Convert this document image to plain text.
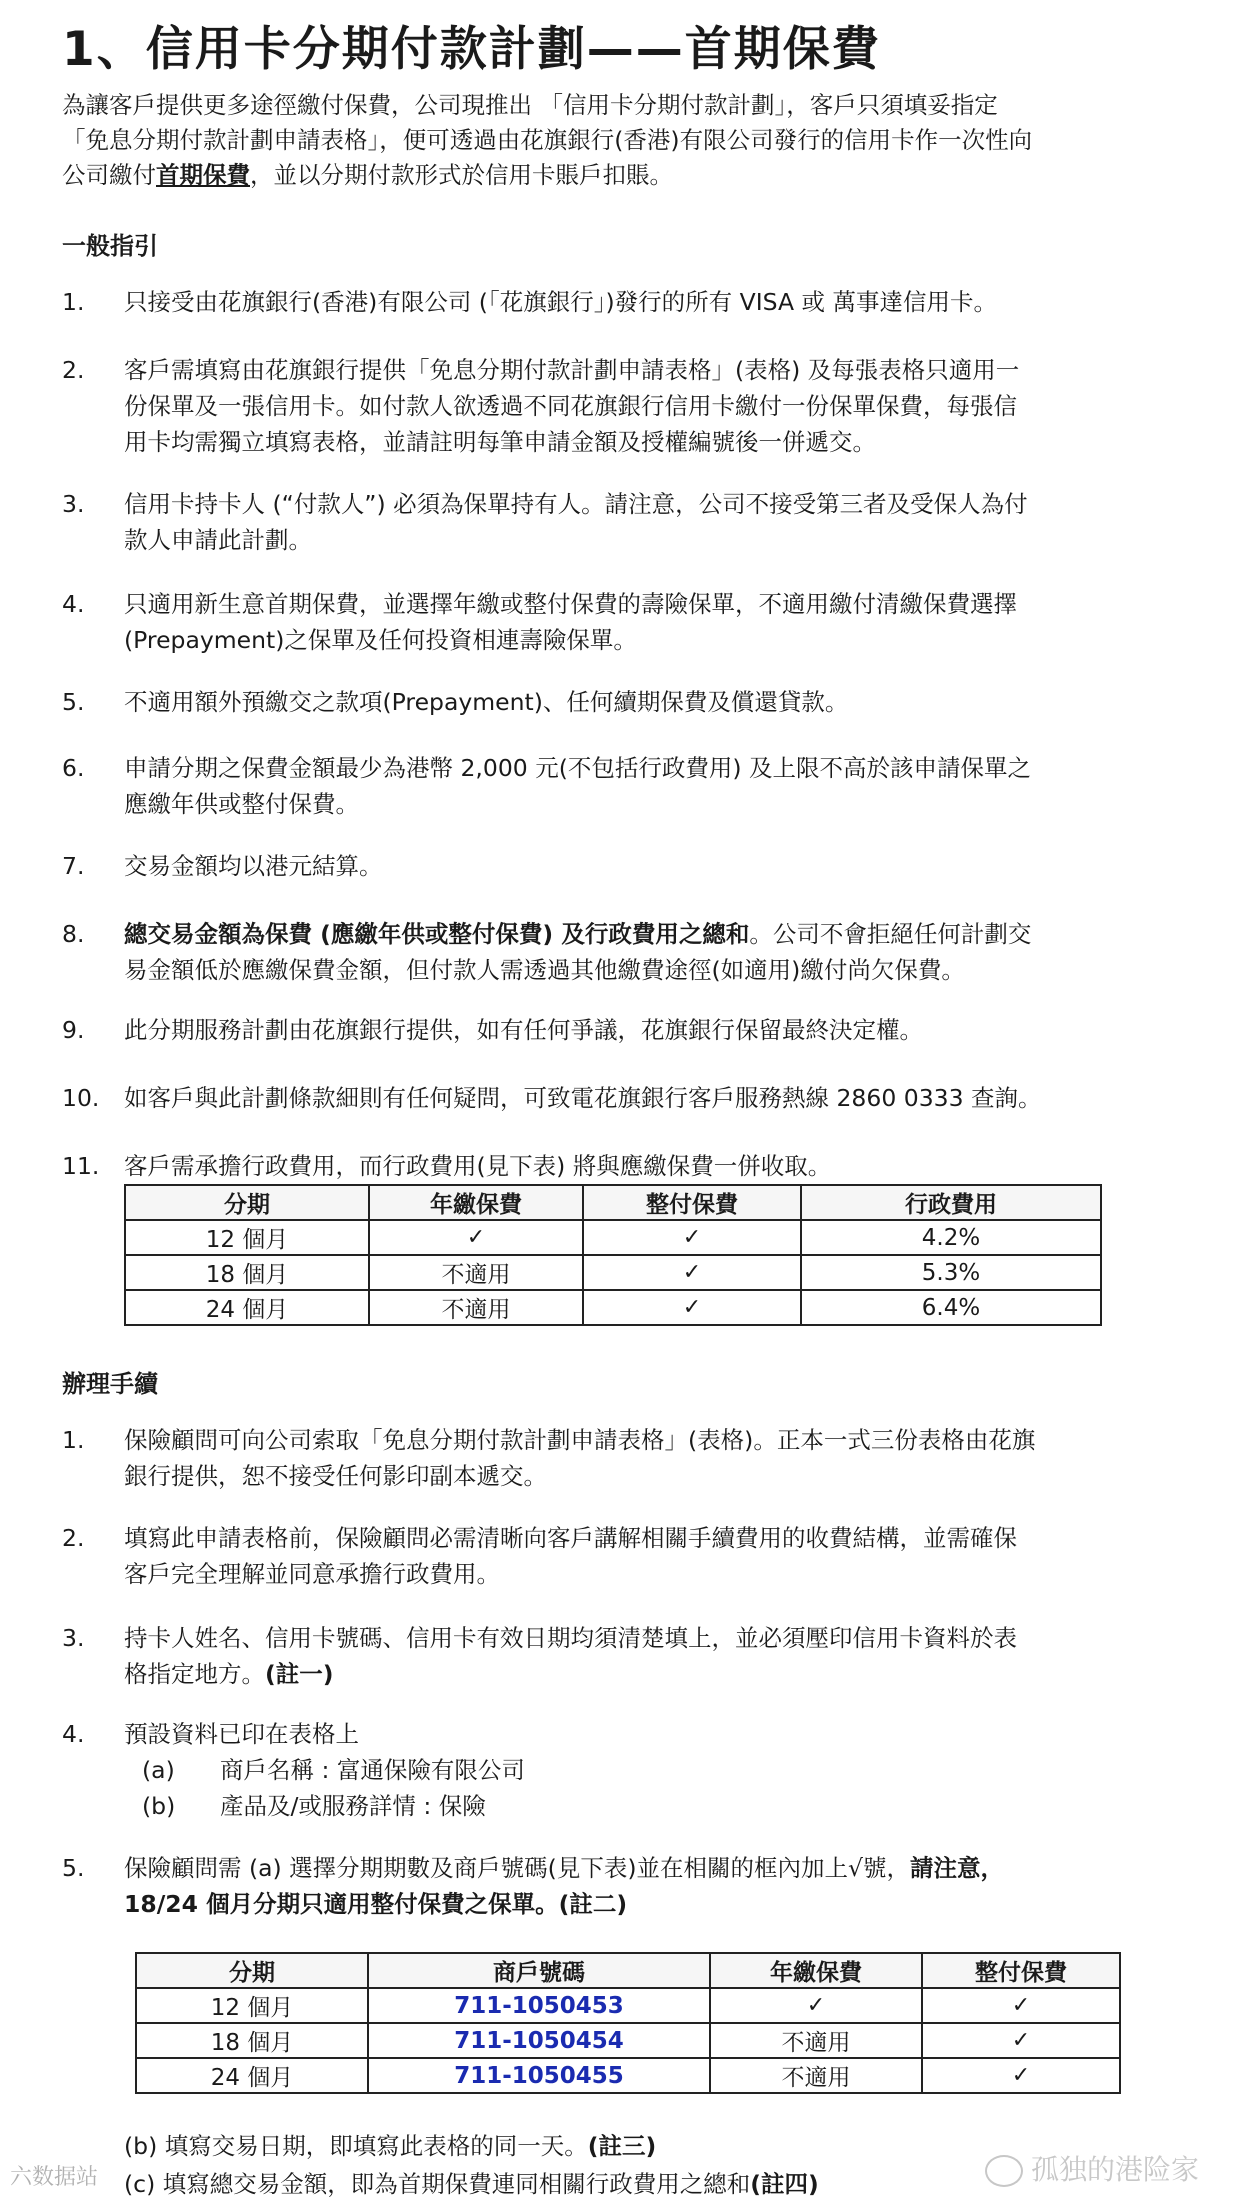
1、信用卡分期付款計劃——首期保費

為讓客戶提供更多途徑繳付保費，公司現推出 「信用卡分期付款計劃」，客戶只須填妥指定

「免息分期付款計劃申請表格」，便可透過由花旗銀行(香港)有限公司發行的信用卡作一次性向

公司繳付首期保費，並以分期付款形式於信用卡賬戶扣賬。

一般指引
1. 只接受由花旗銀行(香港)有限公司 (「花旗銀行」)發行的所有 VISA 或 萬事達信用卡。
2. 客戶需填寫由花旗銀行提供「免息分期付款計劃申請表格」(表格) 及每張表格只適用一
份保單及一張信用卡。如付款人欲透過不同花旗銀行信用卡繳付一份保單保費，每張信
用卡均需獨立填寫表格，並請註明每筆申請金額及授權編號後一併遞交。
3. 信用卡持卡人 (“付款人”) 必須為保單持有人。請注意，公司不接受第三者及受保人為付
款人申請此計劃。
4. 只適用新生意首期保費，並選擇年繳或整付保費的壽險保單，不適用繳付清繳保費選擇
(Prepayment)之保單及任何投資相連壽險保單。
5. 不適用額外預繳交之款項(Prepayment)、任何續期保費及償還貸款。
6. 申請分期之保費金額最少為港幣 2,000 元(不包括行政費用) 及上限不高於該申請保單之
應繳年供或整付保費。
7. 交易金額均以港元結算。
8. 總交易金額為保費 (應繳年供或整付保費) 及行政費用之總和。公司不會拒絕任何計劃交
易金額低於應繳保費金額，但付款人需透過其他繳費途徑(如適用)繳付尚欠保費。
9. 此分期服務計劃由花旗銀行提供，如有任何爭議，花旗銀行保留最終決定權。
10. 如客戶與此計劃條款細則有任何疑問，可致電花旗銀行客戶服務熱線 2860 0333 查詢。
11. 客戶需承擔行政費用，而行政費用(見下表) 將與應繳保費一併收取。
分期	年繳保費	整付保費	行政費用
12 個月	✓	✓	4.2%
18 個月	不適用	✓	5.3%
24 個月	不適用	✓	6.4%
辦理手續
1. 保險顧問可向公司索取「免息分期付款計劃申請表格」(表格)。正本一式三份表格由花旗
銀行提供，恕不接受任何影印副本遞交。
2. 填寫此申請表格前，保險顧問必需清晰向客戶講解相關手續費用的收費結構，並需確保
客戶完全理解並同意承擔行政費用。
3. 持卡人姓名、信用卡號碼、信用卡有效日期均須清楚填上，並必須壓印信用卡資料於表
格指定地方。(註一)
4. 預設資料已印在表格上
(a) 商戶名稱 : 富通保險有限公司
(b) 產品及/或服務詳情 : 保險
5. 保險顧問需 (a) 選擇分期期數及商戶號碼(見下表)並在相關的框內加上√號，請注意，
18/24 個月分期只適用整付保費之保單。(註二)
分期	商戶號碼	年繳保費	整付保費
12 個月	711-1050453	✓	✓
18 個月	711-1050454	不適用	✓
24 個月	711-1050455	不適用	✓
(b) 填寫交易日期，即填寫此表格的同一天。(註三)
(c) 填寫總交易金額，即為首期保費連同相關行政費用之總和(註四)
六数据站	孤独的港险家
